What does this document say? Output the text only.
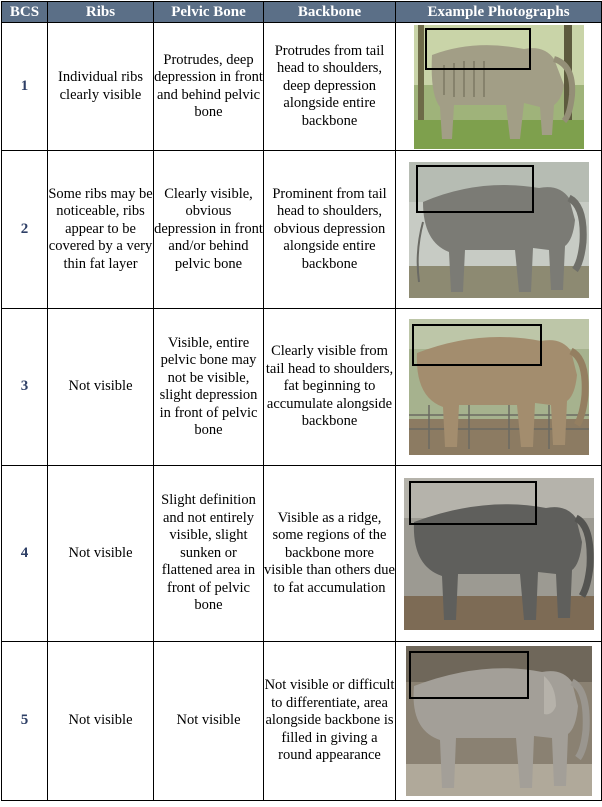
BCS	Ribs	Pelvic Bone	Backbone	Example Photographs
1	Individual ribs clearly visible	Protrudes, deep depression in front and behind pelvic bone	Protrudes from tail head to shoulders, deep depression alongside entire backbone	

2	Some ribs may be noticeable, ribs appear to be covered by a very thin fat layer	Clearly visible, obvious depression in front and/or behind pelvic bone	Prominent from tail head to shoulders, obvious depression alongside entire backbone	

3	Not visible	Visible, entire pelvic bone may not be visible, slight depression in front of pelvic bone	Clearly visible from tail head to shoulders, fat beginning to accumulate alongside backbone	

4	Not visible	Slight definition and not entirely visible, slight sunken or flattened area in front of pelvic bone	Visible as a ridge, some regions of the backbone more visible than others due to fat accumulation	

5	Not visible	Not visible	Not visible or difficult to differentiate, area alongside backbone is filled in giving a round appearance	
